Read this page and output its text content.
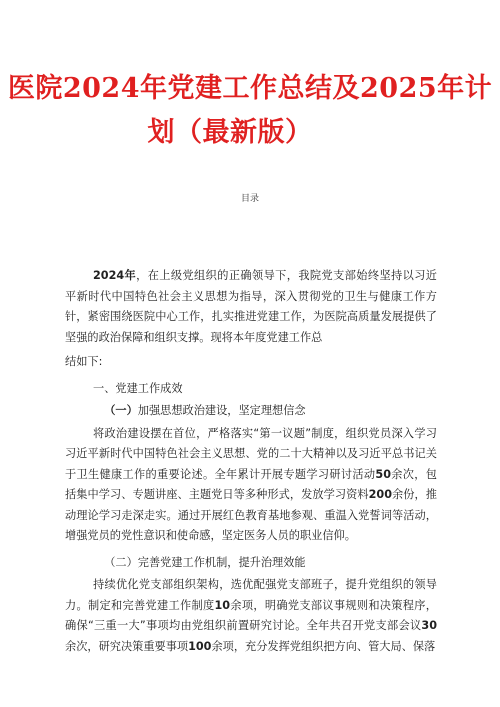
医院2024年党建工作总结及2025年计
划（最新版）
目录

2024年，在上级党组织的正确领导下，我院党支部始终坚持以习近平新时代中国特色社会主义思想为指导，深入贯彻党的卫生与健康工作方针，紧密围绕医院中心工作，扎实推进党建工作，为医院高质量发展提供了坚强的政治保障和组织支撑。现将本年度党建工作总

结如下:

一、党建工作成效

（一）加强思想政治建设，坚定理想信念

将政治建设摆在首位，严格落实“第一议题”制度，组织党员深入学习习近平新时代中国特色社会主义思想、党的二十大精神以及习近平总书记关于卫生健康工作的重要论述。全年累计开展专题学习研讨活动50余次，包括集中学习、专题讲座、主题党日等多种形式，发放学习资料200余份，推动理论学习走深走实。通过开展红色教育基地参观、重温入党誓词等活动，增强党员的党性意识和使命感，坚定医务人员的职业信仰。

（二）完善党建工作机制，提升治理效能

持续优化党支部组织架构，选优配强党支部班子，提升党组织的领导力。制定和完善党建工作制度10余项，明确党支部议事规则和决策程序，确保“三重一大”事项均由党组织前置研究讨论。全年共召开党支部会议30余次，研究决策重要事项100余项，充分发挥党组织把方向、管大局、保落
